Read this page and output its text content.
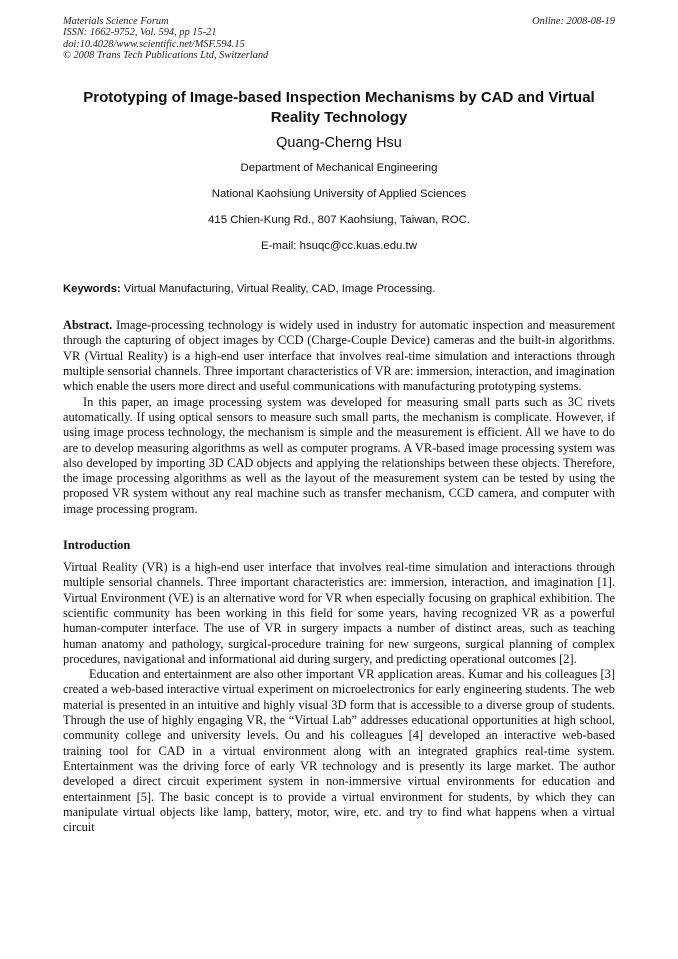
Materials Science Forum
ISSN: 1662-9752, Vol. 594, pp 15-21
doi:10.4028/www.scientific.net/MSF.594.15
© 2008 Trans Tech Publications Ltd, Switzerland
Online: 2008-08-19
Prototyping of Image-based Inspection Mechanisms by CAD and Virtual Reality Technology
Quang-Cherng Hsu
Department of Mechanical Engineering
National Kaohsiung University of Applied Sciences
415 Chien-Kung Rd., 807 Kaohsiung, Taiwan, ROC.
E-mail: hsuqc@cc.kuas.edu.tw
Keywords: Virtual Manufacturing, Virtual Reality, CAD, Image Processing.
Abstract. Image-processing technology is widely used in industry for automatic inspection and measurement through the capturing of object images by CCD (Charge-Couple Device) cameras and the built-in algorithms. VR (Virtual Reality) is a high-end user interface that involves real-time simulation and interactions through multiple sensorial channels. Three important characteristics of VR are: immersion, interaction, and imagination which enable the users more direct and useful communications with manufacturing prototyping systems.
In this paper, an image processing system was developed for measuring small parts such as 3C rivets automatically. If using optical sensors to measure such small parts, the mechanism is complicate. However, if using image process technology, the mechanism is simple and the measurement is efficient. All we have to do are to develop measuring algorithms as well as computer programs. A VR-based image processing system was also developed by importing 3D CAD objects and applying the relationships between these objects. Therefore, the image processing algorithms as well as the layout of the measurement system can be tested by using the proposed VR system without any real machine such as transfer mechanism, CCD camera, and computer with image processing program.
Introduction
Virtual Reality (VR) is a high-end user interface that involves real-time simulation and interactions through multiple sensorial channels. Three important characteristics are: immersion, interaction, and imagination [1]. Virtual Environment (VE) is an alternative word for VR when especially focusing on graphical exhibition. The scientific community has been working in this field for some years, having recognized VR as a powerful human-computer interface. The use of VR in surgery impacts a number of distinct areas, such as teaching human anatomy and pathology, surgical-procedure training for new surgeons, surgical planning of complex procedures, navigational and informational aid during surgery, and predicting operational outcomes [2].
Education and entertainment are also other important VR application areas. Kumar and his colleagues [3] created a web-based interactive virtual experiment on microelectronics for early engineering students. The web material is presented in an intuitive and highly visual 3D form that is accessible to a diverse group of students. Through the use of highly engaging VR, the “Virtual Lab” addresses educational opportunities at high school, community college and university levels. Ou and his colleagues [4] developed an interactive web-based training tool for CAD in a virtual environment along with an integrated graphics real-time system. Entertainment was the driving force of early VR technology and is presently its large market. The author developed a direct circuit experiment system in non-immersive virtual environments for education and entertainment [5]. The basic concept is to provide a virtual environment for students, by which they can manipulate virtual objects like lamp, battery, motor, wire, etc. and try to find what happens when a virtual circuit
